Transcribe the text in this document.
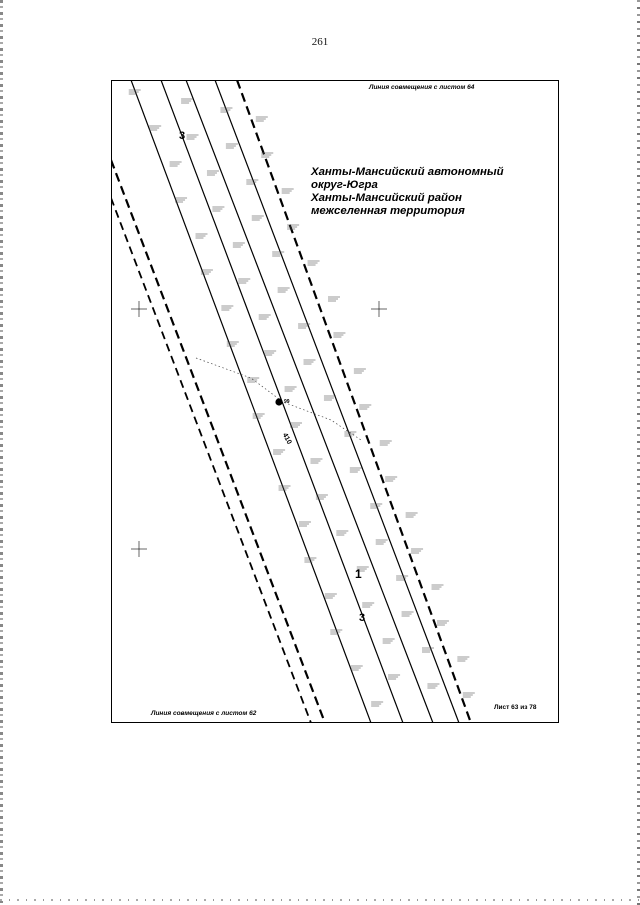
261
Линия совмещения с листом 64
Линия совмещения с листом 62
Лист 63 из 78
Ханты-Мансийский автономный
округ-Югра
Ханты-Мансийский район
межселенная территория
3
1
3
99
410
